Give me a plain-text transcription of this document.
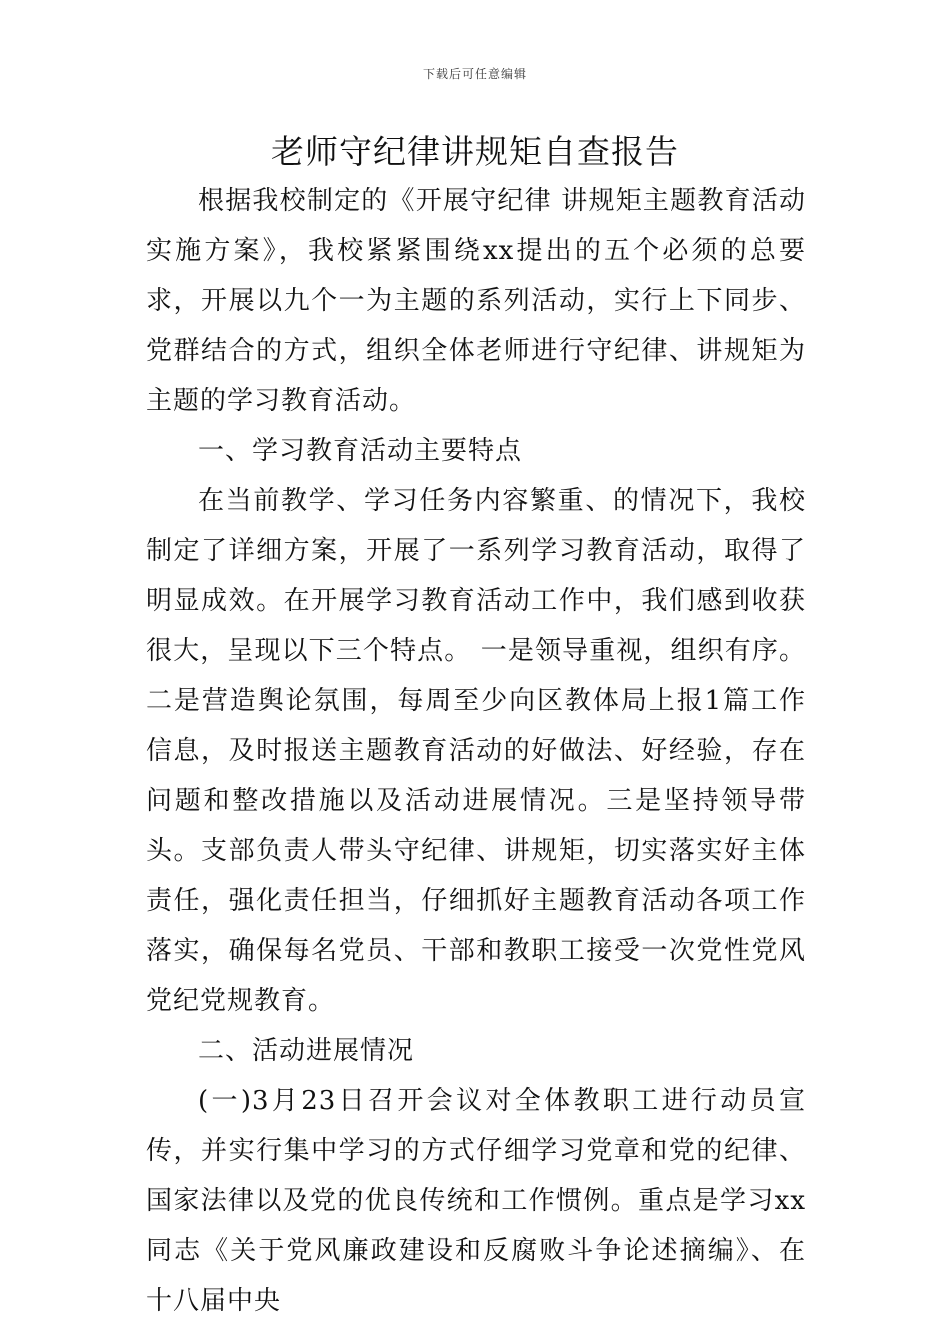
下载后可任意编辑
老师守纪律讲规矩自查报告

根据我校制定的《开展守纪律 讲规矩主题教育活动实施方案》，我校紧紧围绕xx提出的五个必须的总要求，开展以九个一为主题的系列活动，实行上下同步、党群结合的方式，组织全体老师进行守纪律、讲规矩为主题的学习教育活动。

一、学习教育活动主要特点

在当前教学、学习任务内容繁重、的情况下，我校制定了详细方案，开展了一系列学习教育活动，取得了明显成效。在开展学习教育活动工作中，我们感到收获很大，呈现以下三个特点。 一是领导重视，组织有序。二是营造舆论氛围，每周至少向区教体局上报1篇工作信息，及时报送主题教育活动的好做法、好经验，存在问题和整改措施以及活动进展情况。三是坚持领导带头。支部负责人带头守纪律、讲规矩，切实落实好主体责任，强化责任担当，仔细抓好主题教育活动各项工作落实，确保每名党员、干部和教职工接受一次党性党风党纪党规教育。

二、活动进展情况

(一)3月23日召开会议对全体教职工进行动员宣传，并实行集中学习的方式仔细学习党章和党的纪律、国家法律以及党的优良传统和工作惯例。重点是学习xx同志《关于党风廉政建设和反腐败斗争论述摘编》、在十八届中央
